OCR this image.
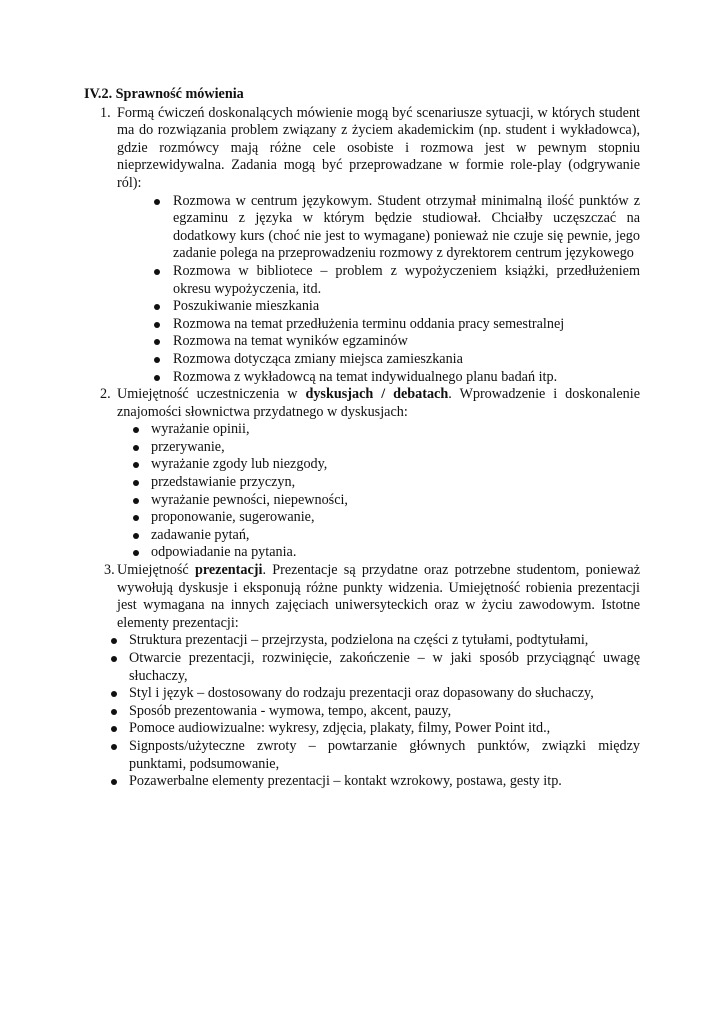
IV.2. Sprawność mówienia
1. Formą ćwiczeń doskonalących mówienie mogą być scenariusze sytuacji, w których student ma do rozwiązania problem związany z życiem akademickim (np. student i wykładowca), gdzie rozmówcy mają różne cele osobiste i rozmowa jest w pewnym stopniu nieprzewidywalna. Zadania mogą być przeprowadzane w formie role-play (odgrywanie ról):
Rozmowa w centrum językowym. Student otrzymał minimalną ilość punktów z egzaminu z języka w którym będzie studiował. Chciałby uczęszczać na dodatkowy kurs (choć nie jest to wymagane) ponieważ nie czuje się pewnie, jego zadanie polega na przeprowadzeniu rozmowy z dyrektorem centrum językowego
Rozmowa w bibliotece – problem z wypożyczeniem książki, przedłużeniem okresu wypożyczenia, itd.
Poszukiwanie mieszkania
Rozmowa na temat przedłużenia terminu oddania pracy semestralnej
Rozmowa na temat wyników egzaminów
Rozmowa dotycząca zmiany miejsca zamieszkania
Rozmowa z wykładowcą na temat indywidualnego planu badań itp.
2. Umiejętność uczestniczenia w dyskusjach / debatach. Wprowadzenie i doskonalenie znajomości słownictwa przydatnego w dyskusjach:
wyrażanie opinii,
przerywanie,
wyrażanie zgody lub niezgody,
przedstawianie przyczyn,
wyrażanie pewności, niepewności,
proponowanie, sugerowanie,
zadawanie pytań,
odpowiadanie na pytania.
3. Umiejętność prezentacji. Prezentacje są przydatne oraz potrzebne studentom, ponieważ wywołują dyskusje i eksponują różne punkty widzenia. Umiejętność robienia prezentacji jest wymagana na innych zajęciach uniwersyteckich oraz w życiu zawodowym. Istotne elementy prezentacji:
Struktura prezentacji – przejrzysta, podzielona na części z tytułami, podtytułami,
Otwarcie prezentacji, rozwinięcie, zakończenie – w jaki sposób przyciągnąć uwagę słuchaczy,
Styl i język – dostosowany do rodzaju prezentacji oraz dopasowany do słuchaczy,
Sposób prezentowania - wymowa, tempo, akcent, pauzy,
Pomoce audiowizualne: wykresy, zdjęcia, plakaty, filmy, Power Point itd.,
Signposts/użyteczne zwroty – powtarzanie głównych punktów, związki między punktami, podsumowanie,
Pozawerbalne elementy prezentacji – kontakt wzrokowy, postawa, gesty itp.
